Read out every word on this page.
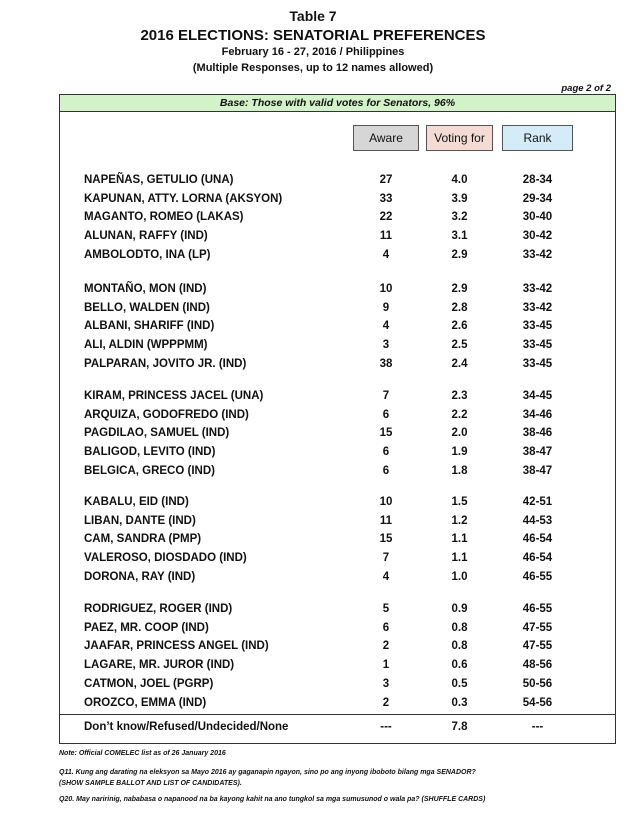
Table 7
2016 ELECTIONS: SENATORIAL PREFERENCES
February 16 - 27, 2016 / Philippines
(Multiple Responses, up to 12 names allowed)
page 2 of 2
Base: Those with valid votes for Senators, 96%
Aware	Voting for	Rank
NAPEÑAS, GETULIO (UNA)	27	4.0	28-34
KAPUNAN, ATTY. LORNA (AKSYON)	33	3.9	29-34
MAGANTO, ROMEO (LAKAS)	22	3.2	30-40
ALUNAN, RAFFY (IND)	11	3.1	30-42
AMBOLODTO, INA (LP)	4	2.9	33-42
MONTAÑO, MON (IND)	10	2.9	33-42
BELLO, WALDEN (IND)	9	2.8	33-42
ALBANI, SHARIFF (IND)	4	2.6	33-45
ALI, ALDIN (WPPPMM)	3	2.5	33-45
PALPARAN, JOVITO JR. (IND)	38	2.4	33-45
KIRAM, PRINCESS JACEL (UNA)	7	2.3	34-45
ARQUIZA, GODOFREDO (IND)	6	2.2	34-46
PAGDILAO, SAMUEL (IND)	15	2.0	38-46
BALIGOD, LEVITO (IND)	6	1.9	38-47
BELGICA, GRECO (IND)	6	1.8	38-47
KABALU, EID (IND)	10	1.5	42-51
LIBAN, DANTE (IND)	11	1.2	44-53
CAM, SANDRA (PMP)	15	1.1	46-54
VALEROSO, DIOSDADO (IND)	7	1.1	46-54
DORONA, RAY (IND)	4	1.0	46-55
RODRIGUEZ, ROGER (IND)	5	0.9	46-55
PAEZ, MR. COOP (IND)	6	0.8	47-55
JAAFAR, PRINCESS ANGEL (IND)	2	0.8	47-55
LAGARE, MR. JUROR (IND)	1	0.6	48-56
CATMON, JOEL (PGRP)	3	0.5	50-56
OROZCO, EMMA (IND)	2	0.3	54-56
Don’t know/Refused/Undecided/None	---	7.8	---
Note: Official COMELEC list as of 26 January 2016
Q11. Kung ang darating na eleksyon sa Mayo 2016 ay gaganapin ngayon, sino po ang inyong iboboto bilang mga SENADOR?
(SHOW SAMPLE BALLOT AND LIST OF CANDIDATES).
Q20. May naririnig, nababasa o napanood na ba kayong kahit na ano tungkol sa mga sumusunod o wala pa? (SHUFFLE CARDS)
